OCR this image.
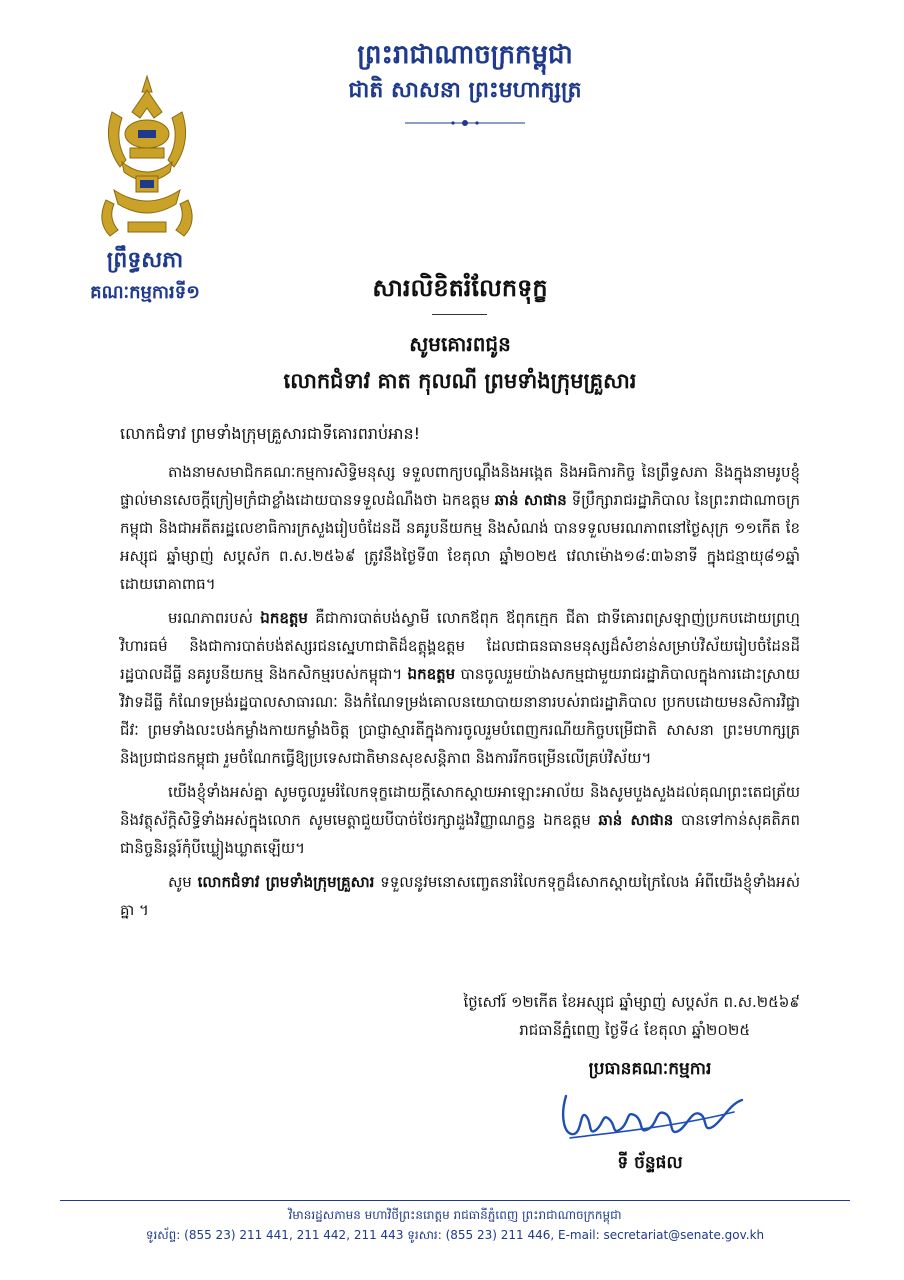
ព្រះរាជាណាចក្រកម្ពុជា
ជាតិ សាសនា ព្រះមហាក្សត្រ
ព្រឹទ្ធសភា
គណៈកម្មការទី១	សារលិខិតរំលែកទុក្ខ
សូមគោរពជូន
លោកជំទាវ គាត កុលណី ព្រមទាំងក្រុមគ្រួសារ

លោកជំទាវ ព្រមទាំងក្រុមគ្រួសារជាទីគោរពរាប់អាន!

តាងនាមសមាជិកគណៈកម្មការសិទ្ធិមនុស្ស ទទួលពាក្យបណ្តឹងនិងអង្កេត និងអធិការកិច្ច នៃព្រឹទ្ធសភា និងក្នុងនាមរូបខ្ញុំផ្ទាល់មានសេចក្តីក្រៀមក្រំជាខ្លាំងដោយបានទទួលដំណឹងថា ឯកឧត្តម ឆាន់ សាផាន ទីប្រឹក្សារាជរដ្ឋាភិបាល នៃព្រះរាជាណាចក្រកម្ពុជា និងជាអតីតរដ្ឋលេខាធិការក្រសួងរៀបចំដែនដី នគរូបនីយកម្ម និងសំណង់ បានទទួលមរណភាពនៅថ្ងៃសុក្រ ១១កើត ខែអស្សុជ ឆ្នាំម្សាញ់ សប្តស័ក ព.ស.២៥៦៩ ត្រូវនឹងថ្ងៃទី៣ ខែតុលា ឆ្នាំ២០២៥ វេលាម៉ោង១៨:៣៦នាទី ក្នុងជន្មាយុ៨១ឆ្នាំ ដោយរោគាពាធ។

មរណភាពរបស់ ឯកឧត្តម គឺជាការបាត់បង់ស្វាមី លោកឪពុក ឪពុកក្មេក ជីតា ជាទីគោរពស្រឡាញ់ប្រកបដោយព្រហ្មវិហារធម៌ និងជាការបាត់បង់ឥស្សរជនស្នេហាជាតិដ៏ឧត្តុង្គឧត្តម ដែលជាធនធានមនុស្សដ៏សំខាន់សម្រាប់វិស័យរៀបចំដែនដី រដ្ឋបាលដីធ្លី នគរូបនីយកម្ម និងកសិកម្មរបស់កម្ពុជា។ ឯកឧត្តម បានចូលរួមយ៉ាងសកម្មជាមួយរាជរដ្ឋាភិបាលក្នុងការដោះស្រាយវិវាទដីធ្លី កំណែទម្រង់រដ្ឋបាលសាធារណៈ និងកំណែទម្រង់គោលនយោបាយនានារបស់រាជរដ្ឋាភិបាល ប្រកបដោយមនសិការវិជ្ជាជីវៈ ព្រមទាំងលះបង់កម្លាំងកាយកម្លាំងចិត្ត ប្រាជ្ញាស្មារតីក្នុងការចូលរួមបំពេញករណីយកិច្ចបម្រើជាតិ សាសនា ព្រះមហាក្សត្រ និងប្រជាជនកម្ពុជា រួមចំណែកធ្វើឱ្យប្រទេសជាតិមានសុខសន្តិភាព និងការរីកចម្រើនលើគ្រប់វិស័យ។

យើងខ្ញុំទាំងអស់គ្នា សូមចូលរួមរំលែកទុក្ខដោយក្តីសោកស្តាយអាឡោះអាល័យ និងសូមបួងសួងដល់គុណព្រះតេជត្រ័យ និងវត្ថុស័ក្តិសិទ្ធិទាំងអស់ក្នុងលោក សូមមេត្តាជួយបីបាច់ថែរក្សាដួងវិញ្ញាណក្ខន្ធ ឯកឧត្តម ឆាន់ សាផាន បានទៅកាន់សុគតិភពជានិច្ចនិរន្តរ៍កុំបីឃ្លៀងឃ្លាតឡើយ។

សូម លោកជំទាវ ព្រមទាំងក្រុមគ្រួសារ ទទួលនូវមនោសញ្ចេតនារំលែកទុក្ខដ៏សោកស្តាយក្រៃលែង អំពីយើងខ្ញុំទាំងអស់គ្នា ។

ថ្ងៃសៅរ៍ ១២កើត ខែអស្សុជ ឆ្នាំម្សាញ់ សប្តស័ក ព.ស.២៥៦៩
រាជធានីភ្នំពេញ ថ្ងៃទី៤ ខែតុលា ឆ្នាំ២០២៥
ប្រធានគណៈកម្មការ
ទី ច័ន្ទផល
វិមានរដ្ឋសភាមន មហាវិថីព្រះនរោត្តម រាជធានីភ្នំពេញ ព្រះរាជាណាចក្រកម្ពុជា
ទូរស័ព្ទ: (855 23) 211 441, 211 442, 211 443 ទូរសារ: (855 23) 211 446, E-mail: secretariat@senate.gov.kh
